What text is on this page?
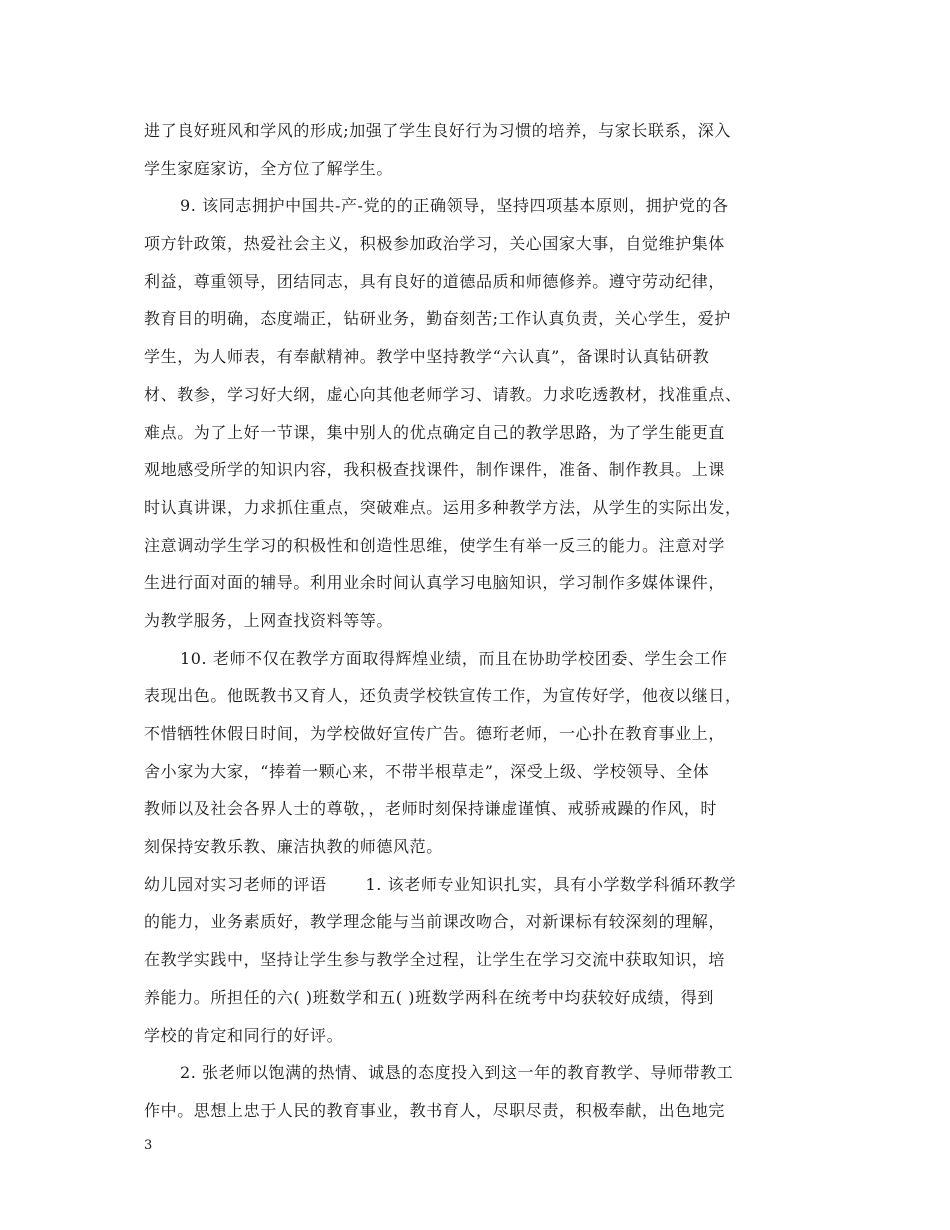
进了良好班风和学风的形成;加强了学生良好行为习惯的培养，与家长联系，深入
学生家庭家访，全方位了解学生。
9. 该同志拥护中国共-产-党的的正确领导，坚持四项基本原则，拥护党的各
项方针政策，热爱社会主义，积极参加政治学习，关心国家大事，自觉维护集体
利益，尊重领导，团结同志，具有良好的道德品质和师德修养。遵守劳动纪律，
教育目的明确，态度端正，钻研业务，勤奋刻苦;工作认真负责，关心学生，爱护
学生，为人师表，有奉献精神。教学中坚持教学“六认真”，备课时认真钻研教
材、教参，学习好大纲，虚心向其他老师学习、请教。力求吃透教材，找准重点、
难点。为了上好一节课，集中别人的优点确定自己的教学思路，为了学生能更直
观地感受所学的知识内容，我积极查找课件，制作课件，准备、制作教具。上课
时认真讲课，力求抓住重点，突破难点。运用多种教学方法，从学生的实际出发，
注意调动学生学习的积极性和创造性思维，使学生有举一反三的能力。注意对学
生进行面对面的辅导。利用业余时间认真学习电脑知识，学习制作多媒体课件，
为教学服务，上网查找资料等等。
10. 老师不仅在教学方面取得辉煌业绩，而且在协助学校团委、学生会工作
表现出色。他既教书又育人，还负责学校铁宣传工作，为宣传好学，他夜以继日，
不惜牺牲休假日时间，为学校做好宣传广告。德珩老师，一心扑在教育事业上，
舍小家为大家，“捧着一颗心来，不带半根草走”，深受上级、学校领导、全体
教师以及社会各界人士的尊敬，，老师时刻保持谦虚谨慎、戒骄戒躁的作风，时
刻保持安教乐教、廉洁执教的师德风范。
幼儿园对实习老师的评语　　 1. 该老师专业知识扎实，具有小学数学科循环教学
的能力，业务素质好，教学理念能与当前课改吻合，对新课标有较深刻的理解，
在教学实践中，坚持让学生参与教学全过程，让学生在学习交流中获取知识，培
养能力。所担任的六( )班数学和五( )班数学两科在统考中均获较好成绩，得到
学校的肯定和同行的好评。
2. 张老师以饱满的热情、诚恳的态度投入到这一年的教育教学、导师带教工
作中。思想上忠于人民的教育事业，教书育人，尽职尽责，积极奉献，出色地完
3
